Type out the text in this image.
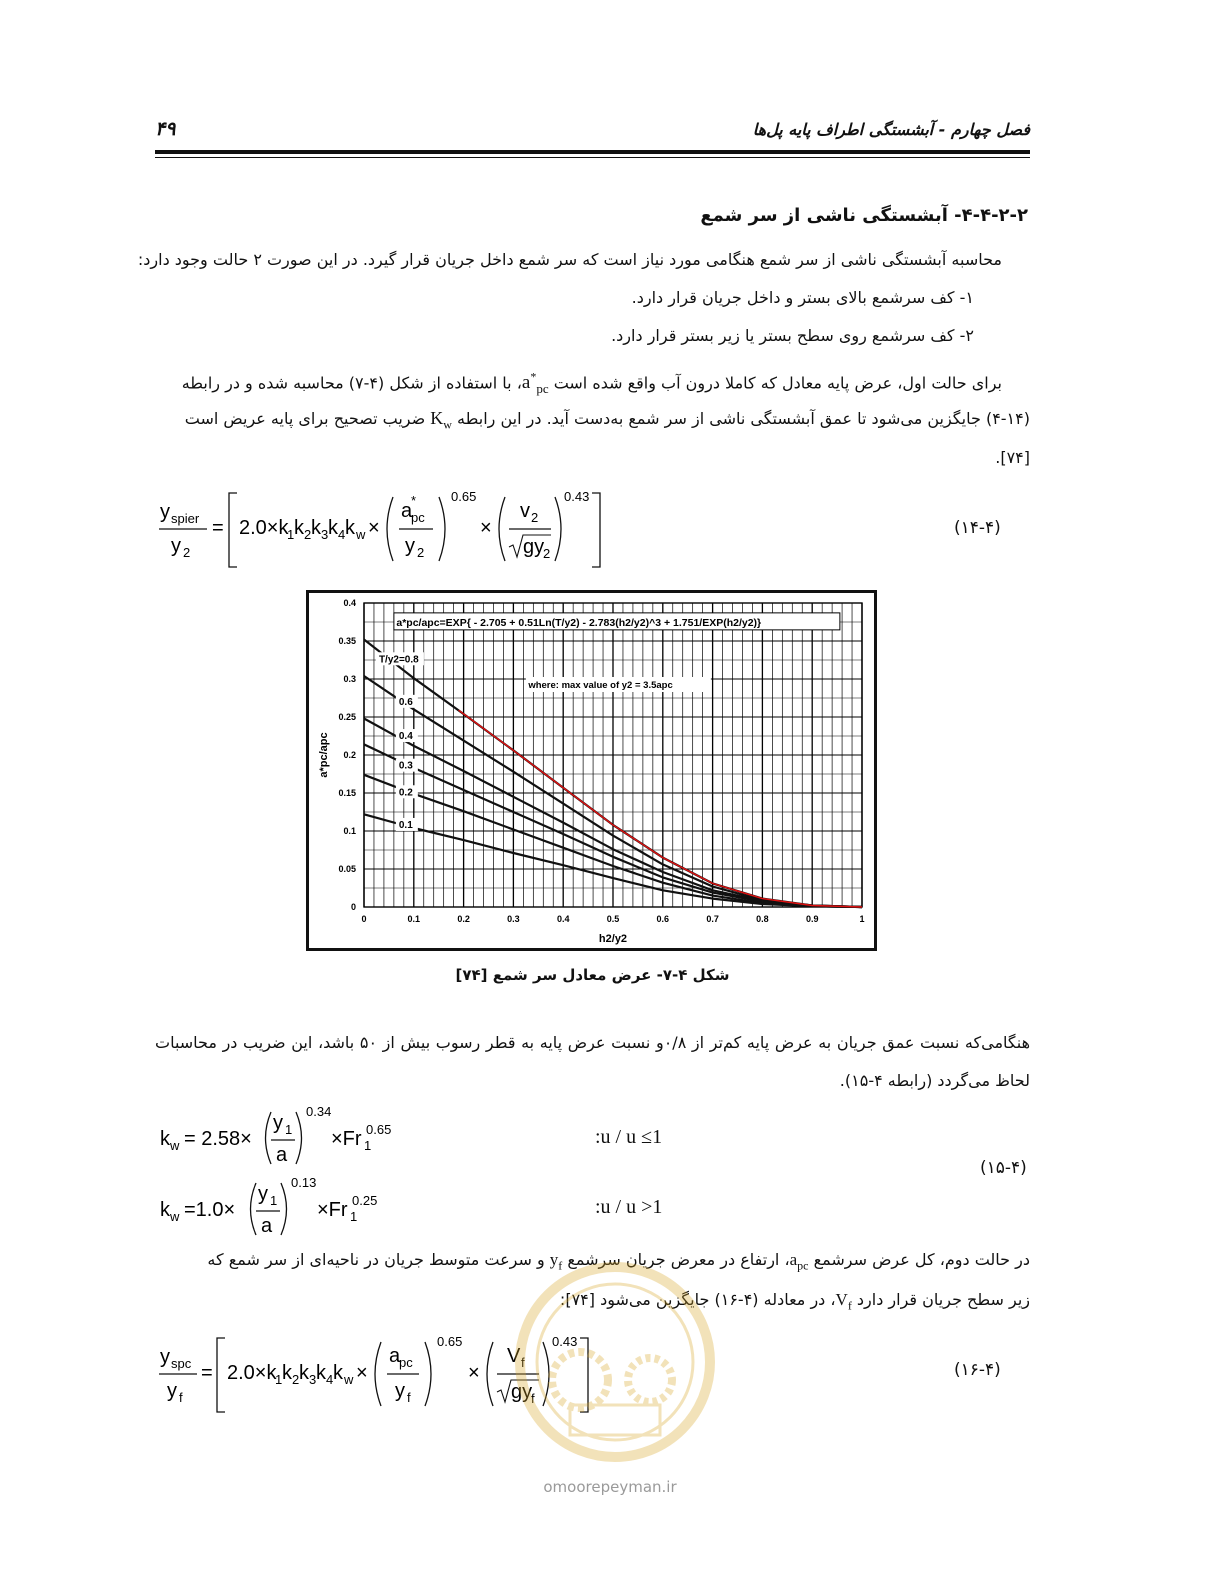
۴۹	فصل چهارم - آبشستگی اطراف پایه پل‌ها
۴-۴-۲-۲- آبشستگی ناشی از سر شمع
محاسبه آبشستگی ناشی از سر شمع هنگامی مورد نیاز است که سر شمع داخل جریان قرار گیرد. در این صورت ۲ حالت وجود دارد:
۱- کف سرشمع بالای بستر و داخل جریان قرار دارد.
۲- کف سرشمع روی سطح بستر یا زیر بستر قرار دارد.
برای حالت اول، عرض پایه معادل که کاملا درون آب واقع شده است $a^*_{pc}،$ با استفاده از شکل (۴-۷) محاسبه شده و در رابطه
(۴-۱۴) جایگزین می‌شود تا عمق آبشستگی ناشی از سر شمع به‌دست آید. در این رابطه $K_w$ ضریب تصحیح برای پایه عریض است
[۷۴].
y spier
y 2
= 2.0×k
1 k 2 k 3 k 4 k w ×
a
*
pc
y 2
0.65
×
v 2
gy
2
0.43
(۱۴-۴)
0	0.1	0.2	0.3	0.4	0.5	0.6	0.7	0.8	0.9	1
0
0.05
0.1
0.15
0.2
0.25
0.3
0.35
0.4
h2/y2
a*pc/apc
T/y2=0.8
0.6
0.4
0.3
0.2
0.1
a*pc/apc=EXP{ - 2.705 + 0.51Ln(T/y2) - 2.783(h2/y2)^3 + 1.751/EXP(h2/y2)}
where: max value of y2 = 3.5apc
شکل ۴-۷- عرض معادل سر شمع [۷۴]
هنگامی‌که نسبت عمق جریان به عرض پایه کم‌تر از ۰/۸و نسبت عرض پایه به قطر رسوب بیش از ۵۰ باشد، این ضریب در محاسبات لحاظ می‌گردد (رابطه ۴-۱۵).
k w = 2.58×
y 1
a
0.34
×Fr 1
0.65
k w =1.0×
y 1
a
0.13
×Fr 1
0.25
:u / u ≤1
:u / u >1
(۱۵-۴)
در حالت دوم، کل عرض سرشمع $a_{pc}،$ ارتفاع در معرض جریان سرشمع $y_f$ و سرعت متوسط جریان در ناحیه‌ای از سر شمع که
زیر سطح جریان قرار دارد $V_f،$ در معادله (۴-۱۶) جایگزین می‌شود [۷۴]:
y spc
y f
= 2.0×k
1 k 2 k 3 k 4 k w ×
a
pc
y f
0.65
×
V f
gy
f
0.43
(۱۶-۴)
omoorepeyman.ir
